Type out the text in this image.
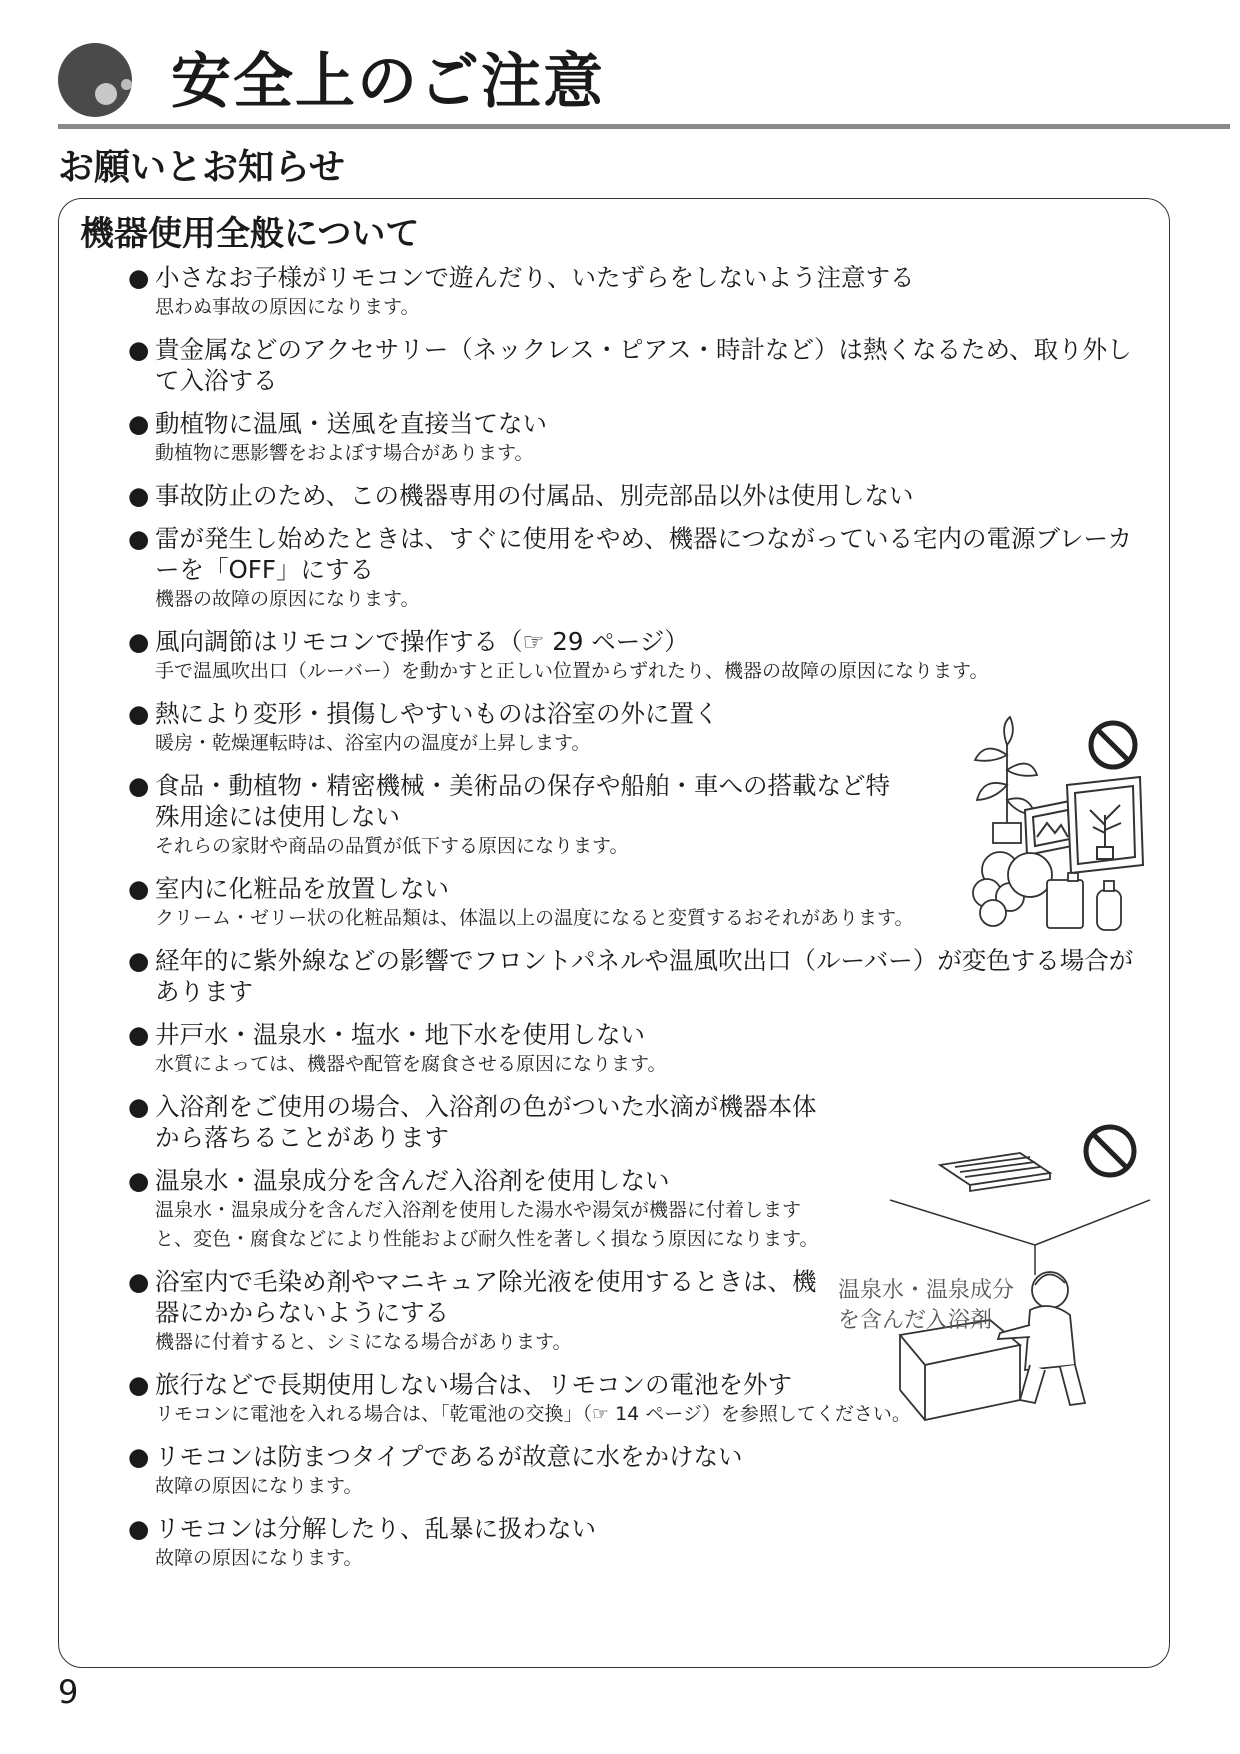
安全上のご注意
お願いとお知らせ
機器使用全般について
● 小さなお子様がリモコンで遊んだり、いたずらをしないよう注意する
思わぬ事故の原因になります。
● 貴金属などのアクセサリー（ネックレス・ピアス・時計など）は熱くなるため、取り外して入浴する
● 動植物に温風・送風を直接当てない
動植物に悪影響をおよぼす場合があります。
● 事故防止のため、この機器専用の付属品、別売部品以外は使用しない
● 雷が発生し始めたときは、すぐに使用をやめ、機器につながっている宅内の電源ブレーカーを「OFF」にする
機器の故障の原因になります。
● 風向調節はリモコンで操作する（☞ 29 ページ）
手で温風吹出口（ルーバー）を動かすと正しい位置からずれたり、機器の故障の原因になります。
● 熱により変形・損傷しやすいものは浴室の外に置く
暖房・乾燥運転時は、浴室内の温度が上昇します。
● 食品・動植物・精密機械・美術品の保存や船舶・車への搭載など特殊用途には使用しない
それらの家財や商品の品質が低下する原因になります。
● 室内に化粧品を放置しない
クリーム・ゼリー状の化粧品類は、体温以上の温度になると変質するおそれがあります。
● 経年的に紫外線などの影響でフロントパネルや温風吹出口（ルーバー）が変色する場合があります
● 井戸水・温泉水・塩水・地下水を使用しない
水質によっては、機器や配管を腐食させる原因になります。
● 入浴剤をご使用の場合、入浴剤の色がついた水滴が機器本体から落ちることがあります
● 温泉水・温泉成分を含んだ入浴剤を使用しない
温泉水・温泉成分を含んだ入浴剤を使用した湯水や湯気が機器に付着しますと、変色・腐食などにより性能および耐久性を著しく損なう原因になります。
● 浴室内で毛染め剤やマニキュア除光液を使用するときは、機器にかからないようにする
機器に付着すると、シミになる場合があります。
● 旅行などで長期使用しない場合は、リモコンの電池を外す
リモコンに電池を入れる場合は、「乾電池の交換」（☞ 14 ページ）を参照してください。
● リモコンは防まつタイプであるが故意に水をかけない
故障の原因になります。
● リモコンは分解したり、乱暴に扱わない
故障の原因になります。
温泉水・温泉成分
を含んだ入浴剤
9
